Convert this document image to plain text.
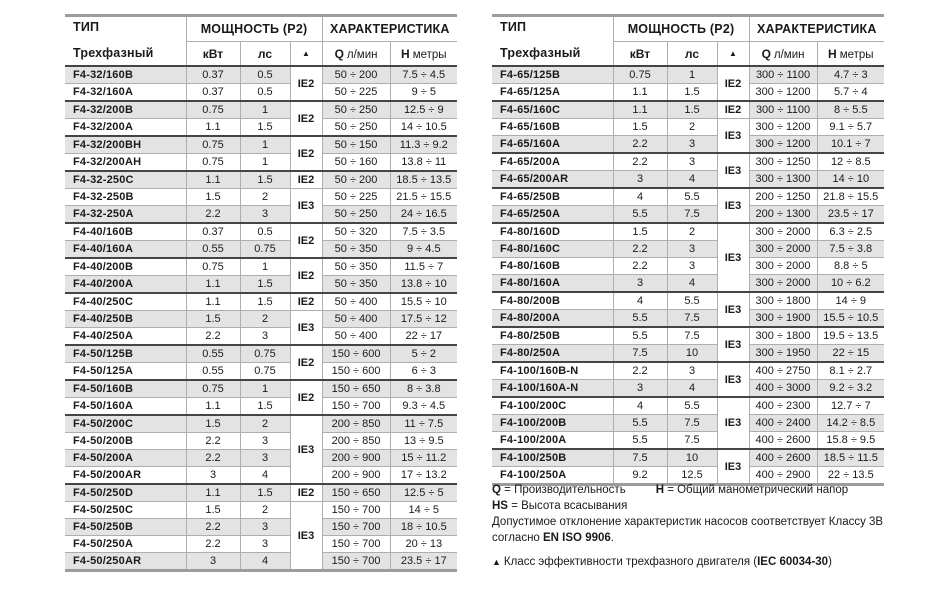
ТИП
Трехфазный	МОЩНОСТЬ (P2)			ХАРАКТЕРИСТИКА	
	кВт	лс	▲	Q л/мин	H метры
F4-32/160B	0.37	0.5	IE2	50 ÷ 200	7.5 ÷ 4.5
F4-32/160A	0.37	0.5		50 ÷ 225	9 ÷ 5
F4-32/200B	0.75	1	IE2	50 ÷ 250	12.5 ÷ 9
F4-32/200A	1.1	1.5		50 ÷ 250	14 ÷ 10.5
F4-32/200BH	0.75	1	IE2	50 ÷ 150	11.3 ÷ 9.2
F4-32/200AH	0.75	1		50 ÷ 160	13.8 ÷ 11
F4-32-250C	1.1	1.5	IE2	50 ÷ 200	18.5 ÷ 13.5
F4-32-250B	1.5	2	IE3	50 ÷ 225	21.5 ÷ 15.5
F4-32-250A	2.2	3		50 ÷ 250	24 ÷ 16.5
F4-40/160B	0.37	0.5	IE2	50 ÷ 320	7.5 ÷ 3.5
F4-40/160A	0.55	0.75		50 ÷ 350	9 ÷ 4.5
F4-40/200B	0.75	1	IE2	50 ÷ 350	11.5 ÷ 7
F4-40/200A	1.1	1.5		50 ÷ 350	13.8 ÷ 10
F4-40/250C	1.1	1.5	IE2	50 ÷ 400	15.5 ÷ 10
F4-40/250B	1.5	2	IE3	50 ÷ 400	17.5 ÷ 12
F4-40/250A	2.2	3		50 ÷ 400	22 ÷ 17
F4-50/125B	0.55	0.75	IE2	150 ÷ 600	5 ÷ 2
F4-50/125A	0.55	0.75		150 ÷ 600	6 ÷ 3
F4-50/160B	0.75	1	IE2	150 ÷ 650	8 ÷ 3.8
F4-50/160A	1.1	1.5		150 ÷ 700	9.3 ÷ 4.5
F4-50/200C	1.5	2	IE3	200 ÷ 850	11 ÷ 7.5
F4-50/200B	2.2	3		200 ÷ 850	13 ÷ 9.5
F4-50/200A	2.2	3		200 ÷ 900	15 ÷ 11.2
F4-50/200AR	3	4		200 ÷ 900	17 ÷ 13.2
F4-50/250D	1.1	1.5	IE2	150 ÷ 650	12.5 ÷ 5
F4-50/250C	1.5	2	IE3	150 ÷ 700	14 ÷ 5
F4-50/250B	2.2	3		150 ÷ 700	18 ÷ 10.5
F4-50/250A	2.2	3		150 ÷ 700	20 ÷ 13
F4-50/250AR	3	4		150 ÷ 700	23.5 ÷ 17
ТИП
Трехфазный	МОЩНОСТЬ (P2)			ХАРАКТЕРИСТИКА	
	кВт	лс	▲	Q л/мин	H метры
F4-65/125B	0.75	1	IE2	300 ÷ 1100	4.7 ÷ 3
F4-65/125A	1.1	1.5		300 ÷ 1200	5.7 ÷ 4
F4-65/160C	1.1	1.5	IE2	300 ÷ 1100	8 ÷ 5.5
F4-65/160B	1.5	2	IE3	300 ÷ 1200	9.1 ÷ 5.7
F4-65/160A	2.2	3		300 ÷ 1200	10.1 ÷ 7
F4-65/200A	2.2	3	IE3	300 ÷ 1250	12 ÷ 8.5
F4-65/200AR	3	4		300 ÷ 1300	14 ÷ 10
F4-65/250B	4	5.5	IE3	200 ÷ 1250	21.8 ÷ 15.5
F4-65/250A	5.5	7.5		200 ÷ 1300	23.5 ÷ 17
F4-80/160D	1.5	2	IE3	300 ÷ 2000	6.3 ÷ 2.5
F4-80/160C	2.2	3		300 ÷ 2000	7.5 ÷ 3.8
F4-80/160B	2.2	3		300 ÷ 2000	8.8 ÷ 5
F4-80/160A	3	4		300 ÷ 2000	10 ÷ 6.2
F4-80/200B	4	5.5	IE3	300 ÷ 1800	14 ÷ 9
F4-80/200A	5.5	7.5		300 ÷ 1900	15.5 ÷ 10.5
F4-80/250B	5.5	7.5	IE3	300 ÷ 1800	19.5 ÷ 13.5
F4-80/250A	7.5	10		300 ÷ 1950	22 ÷ 15
F4-100/160B-N	2.2	3	IE3	400 ÷ 2750	8.1 ÷ 2.7
F4-100/160A-N	3	4		400 ÷ 3000	9.2 ÷ 3.2
F4-100/200C	4	5.5	IE3	400 ÷ 2300	12.7 ÷ 7
F4-100/200B	5.5	7.5		400 ÷ 2400	14.2 ÷ 8.5
F4-100/200A	5.5	7.5		400 ÷ 2600	15.8 ÷ 9.5
F4-100/250B	7.5	10	IE3	400 ÷ 2600	18.5 ÷ 11.5
F4-100/250A	9.2	12.5		400 ÷ 2900	22 ÷ 13.5
Q = Производительность	H = Общий манометрический напор
HS = Высота всасывания
Допустимое отклонение характеристик насосов соответствует Классу 3В
согласно EN ISO 9906.
▲ Класс эффективности трехфазного двигателя (IEC 60034-30)
